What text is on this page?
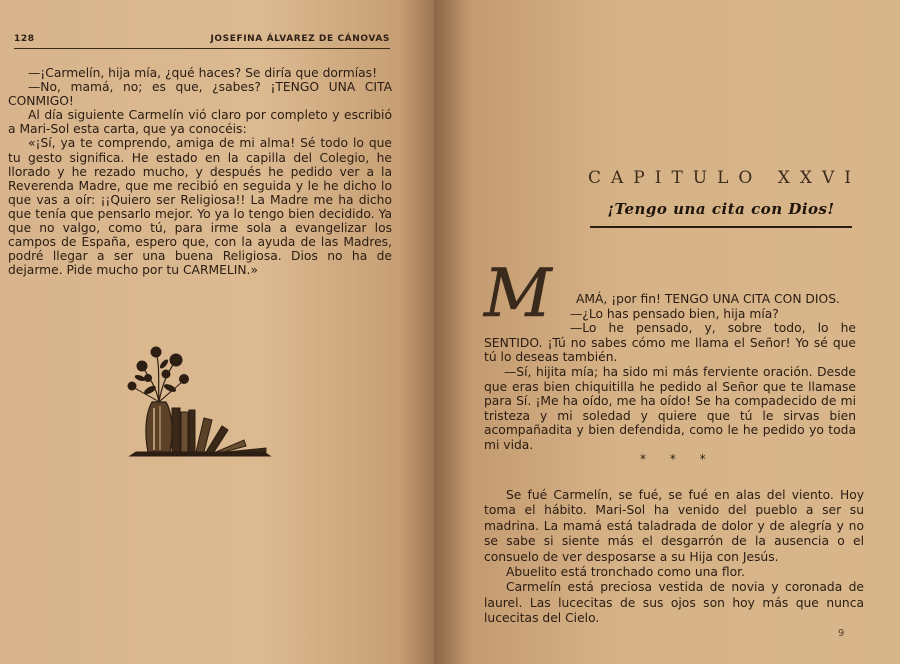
128	JOSEFINA ÁLVAREZ DE CÁNOVAS

—¡Carmelín, hija mía, ¿qué haces? Se diría que dormías!

—No, mamá, no; es que, ¿sabes? ¡TENGO UNA CITA CONMIGO!

Al día siguiente Carmelín vió claro por completo y escribió a Mari-Sol esta carta, que ya conocéis:

«¡Sí, ya te comprendo, amiga de mi alma! Sé todo lo que tu gesto significa. He estado en la capilla del Colegio, he llorado y he rezado mucho, y después he pedido ver a la Reverenda Madre, que me recibió en seguida y le he dicho lo que vas a oír: ¡¡Quiero ser Religiosa!! La Madre me ha dicho que tenía que pensarlo mejor. Yo ya lo tengo bien decidido. Ya que no valgo, como tú, para irme sola a evangelizar los campos de España, espero que, con la ayuda de las Madres, podré llegar a ser una buena Religiosa. Dios no ha de dejarme. Pide mucho por tu CARMELIN.»

CAPITULO XXVI
¡Tengo una cita con Dios!
M	AMÁ, ¡por fin! TENGO UNA CITA CON DIOS.

—¿Lo has pensado bien, hija mía?

—Lo he pensado, y, sobre todo, lo he SENTIDO. ¡Tú no sabes cómo me llama el Señor! Yo sé que tú lo deseas también.

—Sí, hijita mía; ha sido mi más ferviente oración. Desde que eras bien chiquitilla he pedido al Señor que te llamase para Sí. ¡Me ha oído, me ha oído! Se ha compadecido de mi tristeza y mi soledad y quiere que tú le sirvas bien acompañadita y bien defendida, como le he pedido yo toda mi vida.

* * *

Se fué Carmelín, se fué, se fué en alas del viento. Hoy toma el hábito. Mari-Sol ha venido del pueblo a ser su madrina. La mamá está taladrada de dolor y de alegría y no se sabe si siente más el desgarrón de la ausencia o el consuelo de ver desposarse a su Hija con Jesús.

Abuelito está tronchado como una flor.

Carmelín está preciosa vestida de novia y coronada de laurel. Las lucecitas de sus ojos son hoy más que nunca lucecitas del Cielo.

9
